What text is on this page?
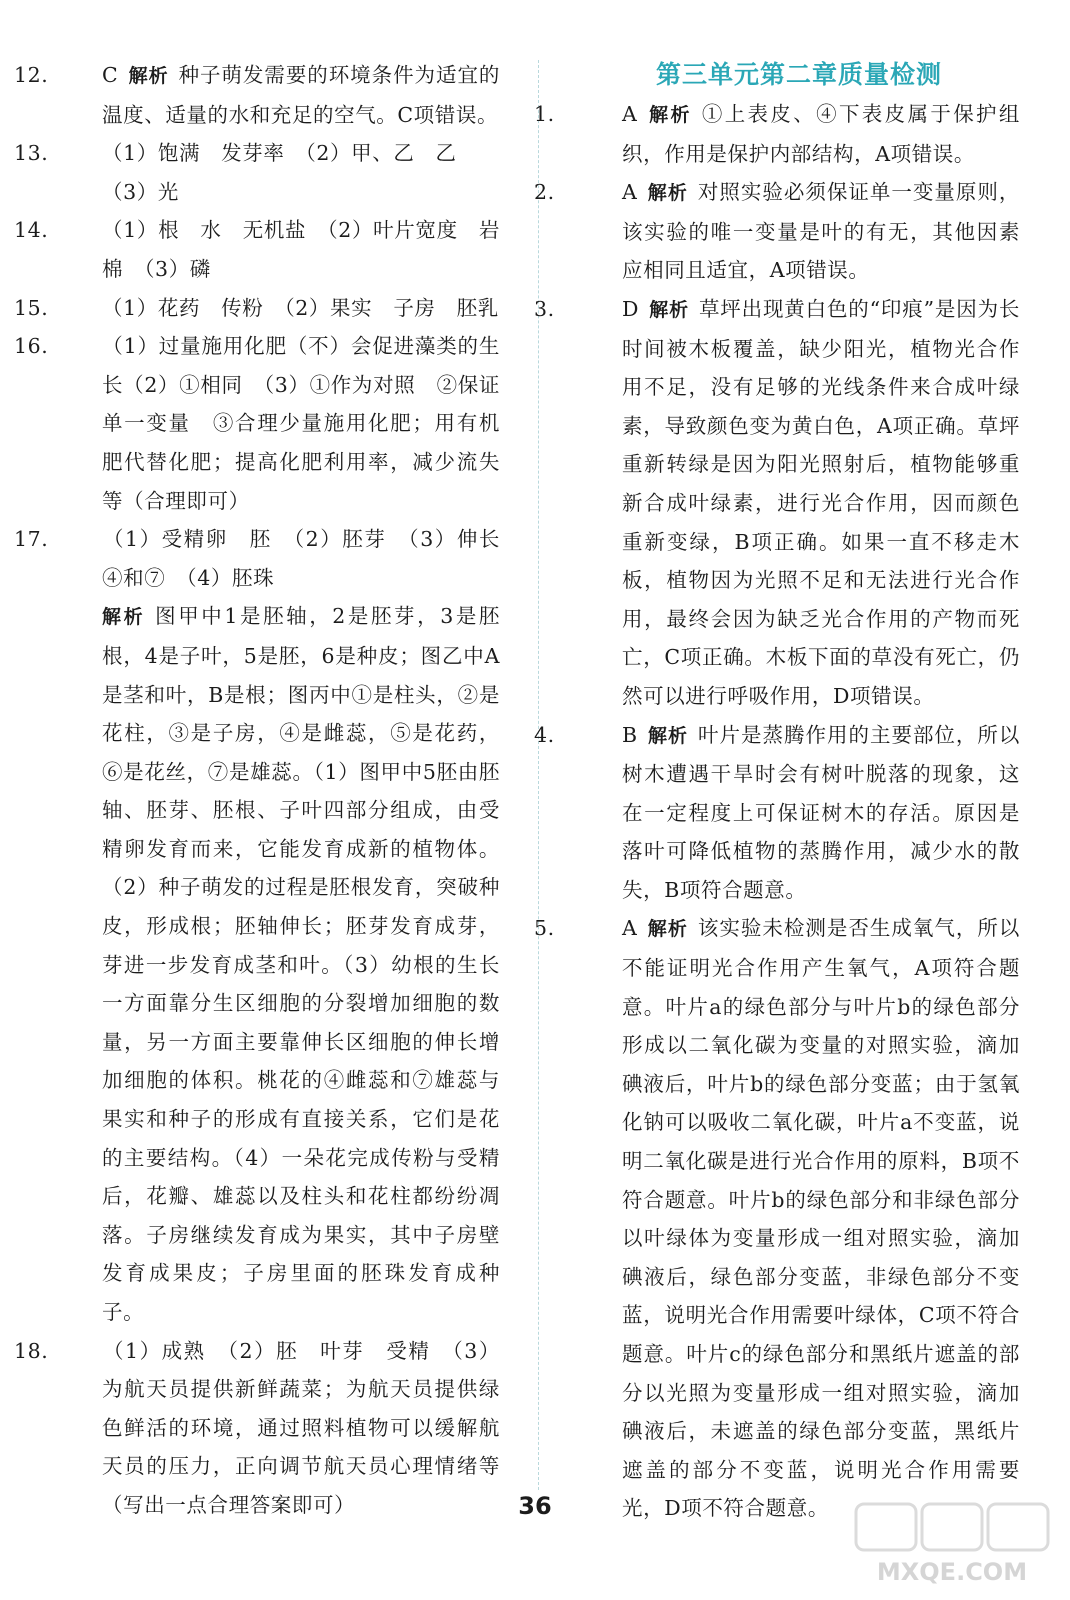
12.	C 解析 种子萌发需要的环境条件为适宜的温度、适量的水和充足的空气。C项错误。
13.	（1）饱满　发芽率　（2）甲、乙　乙
（3）光
14.	（1）根　水　无机盐　（2）叶片宽度　岩棉　（3）磷
15.	（1）花药　传粉　（2）果实　子房　胚乳
16.	（1）过量施用化肥（不）会促进藻类的生长（2）①相同　（3）①作为对照　②保证单一变量　③合理少量施用化肥；用有机肥代替化肥；提高化肥利用率，减少流失等（合理即可）
17.	（1）受精卵　胚　（2）胚芽　（3）伸长④和⑦　（4）胚珠
解析 图甲中1是胚轴，2是胚芽，3是胚根，4是子叶，5是胚，6是种皮；图乙中A是茎和叶，B是根；图丙中①是柱头，②是花柱，③是子房，④是雌蕊，⑤是花药，⑥是花丝，⑦是雄蕊。（1）图甲中5胚由胚轴、胚芽、胚根、子叶四部分组成，由受精卵发育而来，它能发育成新的植物体。（2）种子萌发的过程是胚根发育，突破种皮，形成根；胚轴伸长；胚芽发育成芽，芽进一步发育成茎和叶。（3）幼根的生长一方面靠分生区细胞的分裂增加细胞的数量，另一方面主要靠伸长区细胞的伸长增加细胞的体积。桃花的④雌蕊和⑦雄蕊与果实和种子的形成有直接关系，它们是花的主要结构。（4）一朵花完成传粉与受精后，花瓣、雄蕊以及柱头和花柱都纷纷凋落。子房继续发育成为果实，其中子房壁发育成果皮；子房里面的胚珠发育成种子。
18.	（1）成熟　（2）胚　叶芽　受精　（3）为航天员提供新鲜蔬菜；为航天员提供绿色鲜活的环境，通过照料植物可以缓解航天员的压力，正向调节航天员心理情绪等（写出一点合理答案即可）
第三单元第二章质量检测
1.	A 解析 ①上表皮、④下表皮属于保护组织，作用是保护内部结构，A项错误。
2.	A 解析 对照实验必须保证单一变量原则，该实验的唯一变量是叶的有无，其他因素应相同且适宜，A项错误。
3.	D 解析 草坪出现黄白色的“印痕”是因为长时间被木板覆盖，缺少阳光，植物光合作用不足，没有足够的光线条件来合成叶绿素，导致颜色变为黄白色，A项正确。草坪重新转绿是因为阳光照射后，植物能够重新合成叶绿素，进行光合作用，因而颜色重新变绿，B项正确。如果一直不移走木板，植物因为光照不足和无法进行光合作用，最终会因为缺乏光合作用的产物而死亡，C项正确。木板下面的草没有死亡，仍然可以进行呼吸作用，D项错误。
4.	B 解析 叶片是蒸腾作用的主要部位，所以树木遭遇干旱时会有树叶脱落的现象，这在一定程度上可保证树木的存活。原因是落叶可降低植物的蒸腾作用，减少水的散失，B项符合题意。
5.	A 解析 该实验未检测是否生成氧气，所以不能证明光合作用产生氧气，A项符合题意。叶片a的绿色部分与叶片b的绿色部分形成以二氧化碳为变量的对照实验，滴加碘液后，叶片b的绿色部分变蓝；由于氢氧化钠可以吸收二氧化碳，叶片a不变蓝，说明二氧化碳是进行光合作用的原料，B项不符合题意。叶片b的绿色部分和非绿色部分以叶绿体为变量形成一组对照实验，滴加碘液后，绿色部分变蓝，非绿色部分不变蓝，说明光合作用需要叶绿体，C项不符合题意。叶片c的绿色部分和黑纸片遮盖的部分以光照为变量形成一组对照实验，滴加碘液后，未遮盖的绿色部分变蓝，黑纸片遮盖的部分不变蓝，说明光合作用需要光，D项不符合题意。
36
MXQE.COM
